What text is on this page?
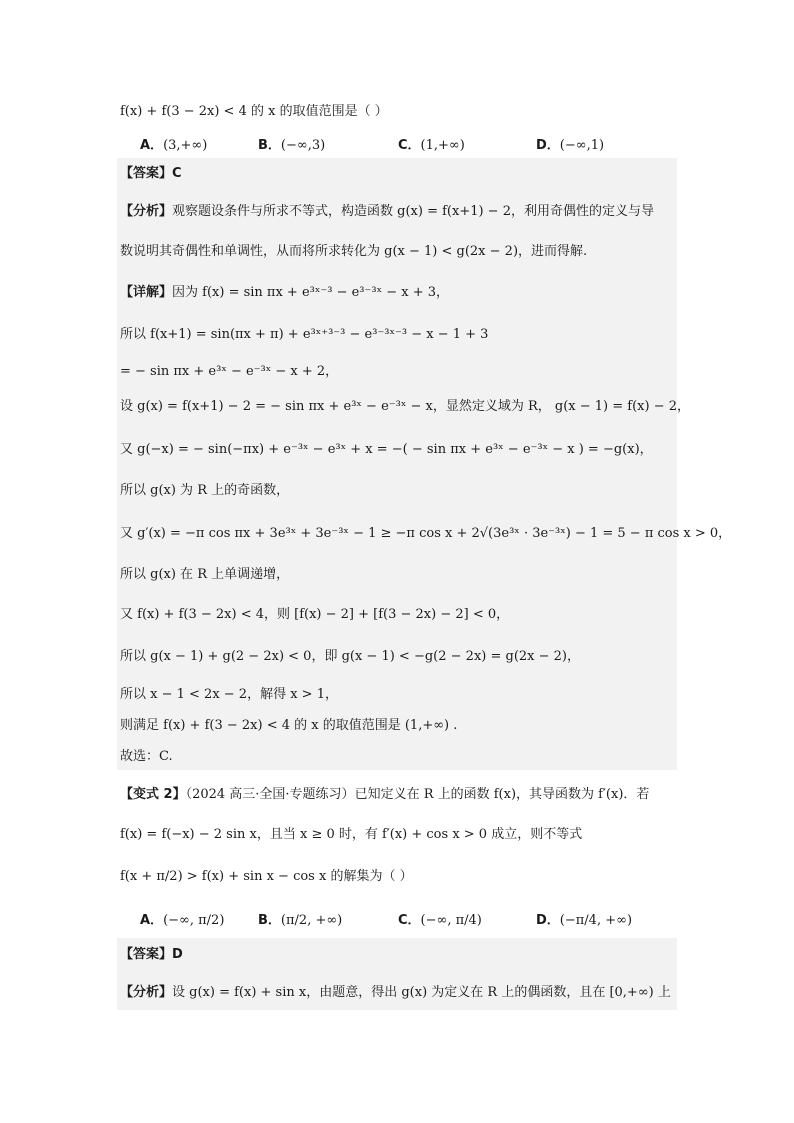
f(x) + f(3 − 2x) < 4 的 x 的取值范围是（ ）
A．(3,+∞)	B．(−∞,3)	C．(1,+∞)	D．(−∞,1)
【答案】C
【分析】观察题设条件与所求不等式，构造函数 g(x) = f(x+1) − 2，利用奇偶性的定义与导
数说明其奇偶性和单调性，从而将所求转化为 g(x − 1) < g(2x − 2)，进而得解.
【详解】因为 f(x) = sin πx + e³ˣ⁻³ − e³⁻³ˣ − x + 3，
所以 f(x+1) = sin(πx + π) + e³ˣ⁺³⁻³ − e³⁻³ˣ⁻³ − x − 1 + 3
= − sin πx + e³ˣ − e⁻³ˣ − x + 2，
设 g(x) = f(x+1) − 2 = − sin πx + e³ˣ − e⁻³ˣ − x，显然定义域为 R， g(x − 1) = f(x) − 2，
又 g(−x) = − sin(−πx) + e⁻³ˣ − e³ˣ + x = −( − sin πx + e³ˣ − e⁻³ˣ − x ) = −g(x)，
所以 g(x) 为 R 上的奇函数，
又 g′(x) = −π cos πx + 3e³ˣ + 3e⁻³ˣ − 1 ≥ −π cos x + 2√(3e³ˣ · 3e⁻³ˣ) − 1 = 5 − π cos x > 0，
所以 g(x) 在 R 上单调递增，
又 f(x) + f(3 − 2x) < 4，则 [f(x) − 2] + [f(3 − 2x) − 2] < 0，
所以 g(x − 1) + g(2 − 2x) < 0，即 g(x − 1) < −g(2 − 2x) = g(2x − 2)，
所以 x − 1 < 2x − 2，解得 x > 1，
则满足 f(x) + f(3 − 2x) < 4 的 x 的取值范围是 (1,+∞) .
故选：C.
【变式 2】（2024 高三·全国·专题练习）已知定义在 R 上的函数 f(x)，其导函数为 f′(x)．若
f(x) = f(−x) − 2 sin x，且当 x ≥ 0 时，有 f′(x) + cos x > 0 成立，则不等式
f(x + π/2) > f(x) + sin x − cos x 的解集为（ ）
A．(−∞, π/2)	B．(π/2, +∞)	C．(−∞, π/4)	D．(−π/4, +∞)
【答案】D
【分析】设 g(x) = f(x) + sin x，由题意，得出 g(x) 为定义在 R 上的偶函数，且在 [0,+∞) 上
